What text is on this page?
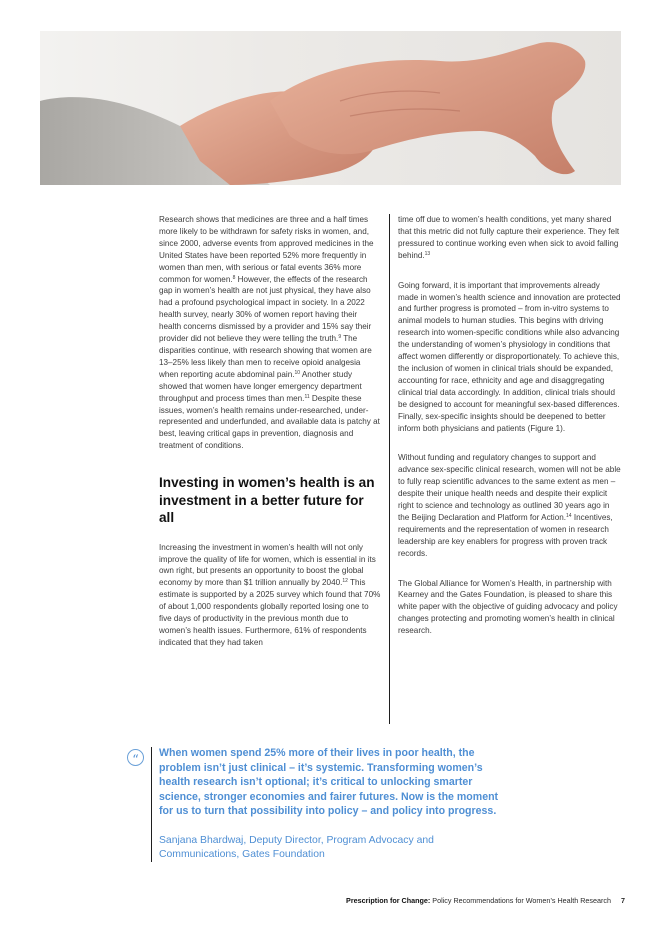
Research shows that medicines are three and a half times more likely to be withdrawn for safety risks in women, and, since 2000, adverse events from approved medicines in the United States have been reported 52% more frequently in women than men, with serious or fatal events 36% more common for women.$^8$ However, the effects of the research gap in women’s health are not just physical, they have also had a profound psychological impact in society. In a 2022 health survey, nearly 30% of women report having their health concerns dismissed by a provider and 15% say their provider did not believe they were telling the truth.$^9$ The disparities continue, with research showing that women are 13–25% less likely than men to receive opioid analgesia when reporting acute abdominal pain.$^{10}$ Another study showed that women have longer emergency department throughput and process times than men.$^{11}$ Despite these issues, women’s health remains under-researched, under-represented and underfunded, and available data is patchy at best, leaving critical gaps in prevention, diagnosis and treatment of conditions.

Investing in women’s health is an investment in a better future for all

Increasing the investment in women’s health will not only improve the quality of life for women, which is essential in its own right, but presents an opportunity to boost the global economy by more than $1 trillion annually by 2040.12 This estimate is supported by a 2025 survey which found that 70% of about 1,000 respondents globally reported losing one to five days of productivity in the previous month due to women’s health issues. Furthermore, 61% of respondents indicated that they had taken

time off due to women’s health conditions, yet many shared that this metric did not fully capture their experience. They felt pressured to continue working even when sick to avoid falling behind.$^{13}$

Going forward, it is important that improvements already made in women’s health science and innovation are protected and further progress is promoted – from in-vitro systems to animal models to human studies. This begins with driving research into women-specific conditions while also advancing the understanding of women’s physiology in conditions that affect women differently or disproportionately. To achieve this, the inclusion of women in clinical trials should be expanded, accounting for race, ethnicity and age and disaggregating clinical trial data accordingly. In addition, clinical trials should be designed to account for meaningful sex-based differences. Finally, sex-specific insights should be deepened to better inform both physicians and patients (Figure 1).

Without funding and regulatory changes to support and advance sex-specific clinical research, women will not be able to fully reap scientific advances to the same extent as men – despite their unique health needs and despite their explicit right to science and technology as outlined 30 years ago in the Beijing Declaration and Platform for Action.$^{14}$ Incentives, requirements and the representation of women in research leadership are key enablers for progress with proven track records.

The Global Alliance for Women’s Health, in partnership with Kearney and the Gates Foundation, is pleased to share this white paper with the objective of guiding advocacy and policy changes protecting and promoting women’s health in clinical research.

“	When women spend 25% more of their lives in poor health, the problem isn’t just clinical – it’s systemic. Transforming women’s health research isn’t optional; it’s critical to unlocking smarter science, stronger economies and fairer futures. Now is the moment for us to turn that possibility into policy – and policy into progress.

Sanjana Bhardwaj, Deputy Director, Program Advocacy and Communications, Gates Foundation

Prescription for Change: Policy Recommendations for Women’s Health Research 7
